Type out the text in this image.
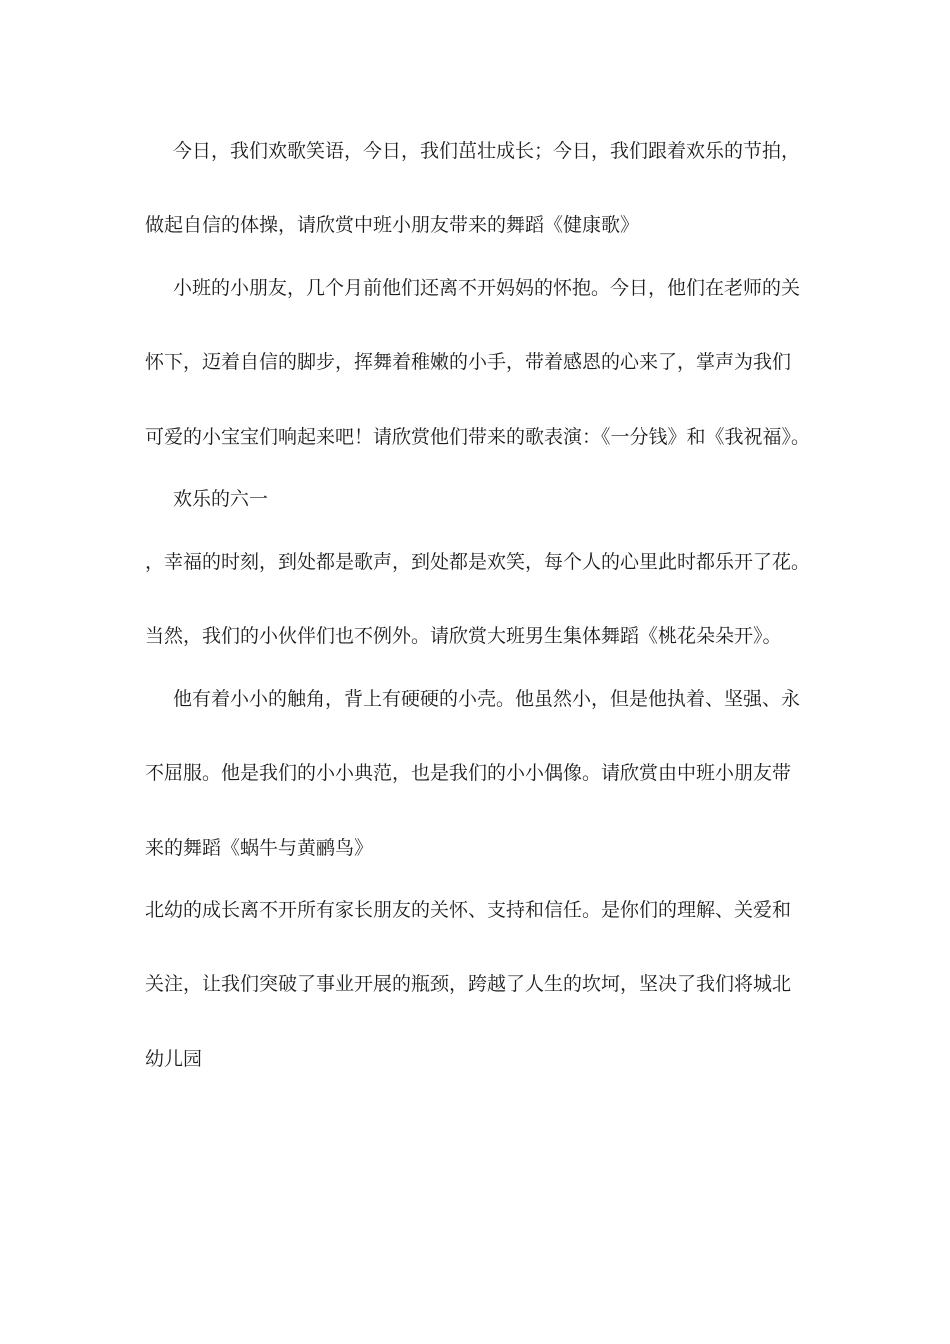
今日，我们欢歌笑语，今日，我们茁壮成长；今日，我们跟着欢乐的节拍，
做起自信的体操，请欣赏中班小朋友带来的舞蹈《健康歌》
小班的小朋友，几个月前他们还离不开妈妈的怀抱。今日，他们在老师的关
怀下，迈着自信的脚步，挥舞着稚嫩的小手，带着感恩的心来了，掌声为我们
可爱的小宝宝们响起来吧！请欣赏他们带来的歌表演：《一分钱》和《我祝福》。
欢乐的六一
，幸福的时刻，到处都是歌声，到处都是欢笑，每个人的心里此时都乐开了花。
当然，我们的小伙伴们也不例外。请欣赏大班男生集体舞蹈《桃花朵朵开》。
他有着小小的触角，背上有硬硬的小壳。他虽然小，但是他执着、坚强、永
不屈服。他是我们的小小典范，也是我们的小小偶像。请欣赏由中班小朋友带
来的舞蹈《蜗牛与黄鹂鸟》
北幼的成长离不开所有家长朋友的关怀、支持和信任。是你们的理解、关爱和
关注，让我们突破了事业开展的瓶颈，跨越了人生的坎坷，坚决了我们将城北
幼儿园
